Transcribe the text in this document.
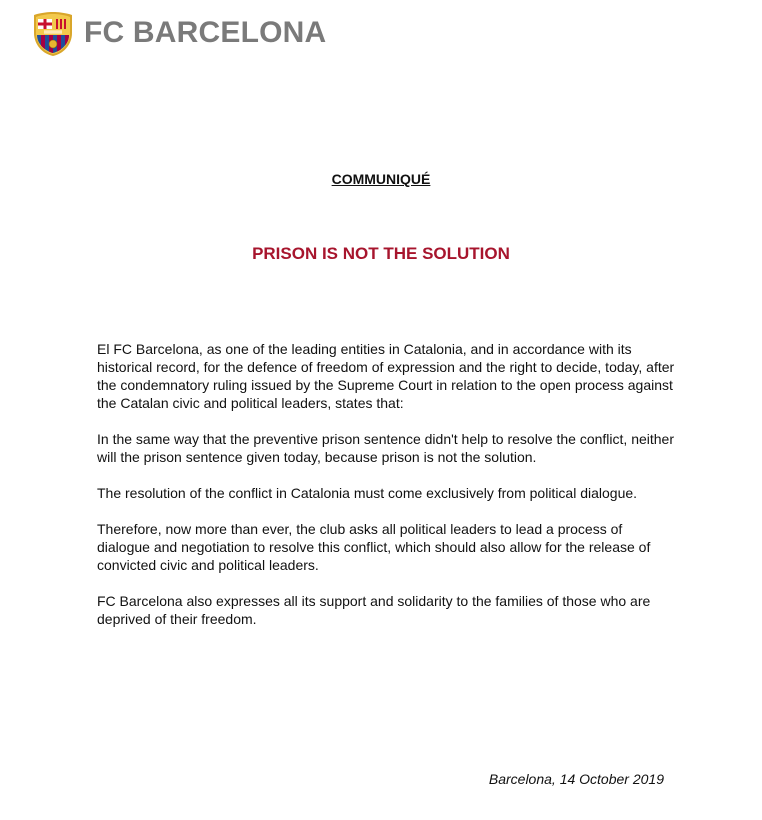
FC BARCELONA
COMMUNIQUÉ
PRISON IS NOT THE SOLUTION

El FC Barcelona, as one of the leading entities in Catalonia, and in accordance with its historical record, for the defence of freedom of expression and the right to decide, today, after the condemnatory ruling issued by the Supreme Court in relation to the open process against the Catalan civic and political leaders, states that:

In the same way that the preventive prison sentence didn't help to resolve the conflict, neither will the prison sentence given today, because prison is not the solution.

The resolution of the conflict in Catalonia must come exclusively from political dialogue.

Therefore, now more than ever, the club asks all political leaders to lead a process of dialogue and negotiation to resolve this conflict, which should also allow for the release of convicted civic and political leaders.

FC Barcelona also expresses all its support and solidarity to the families of those who are deprived of their freedom.

Barcelona, 14 October 2019
